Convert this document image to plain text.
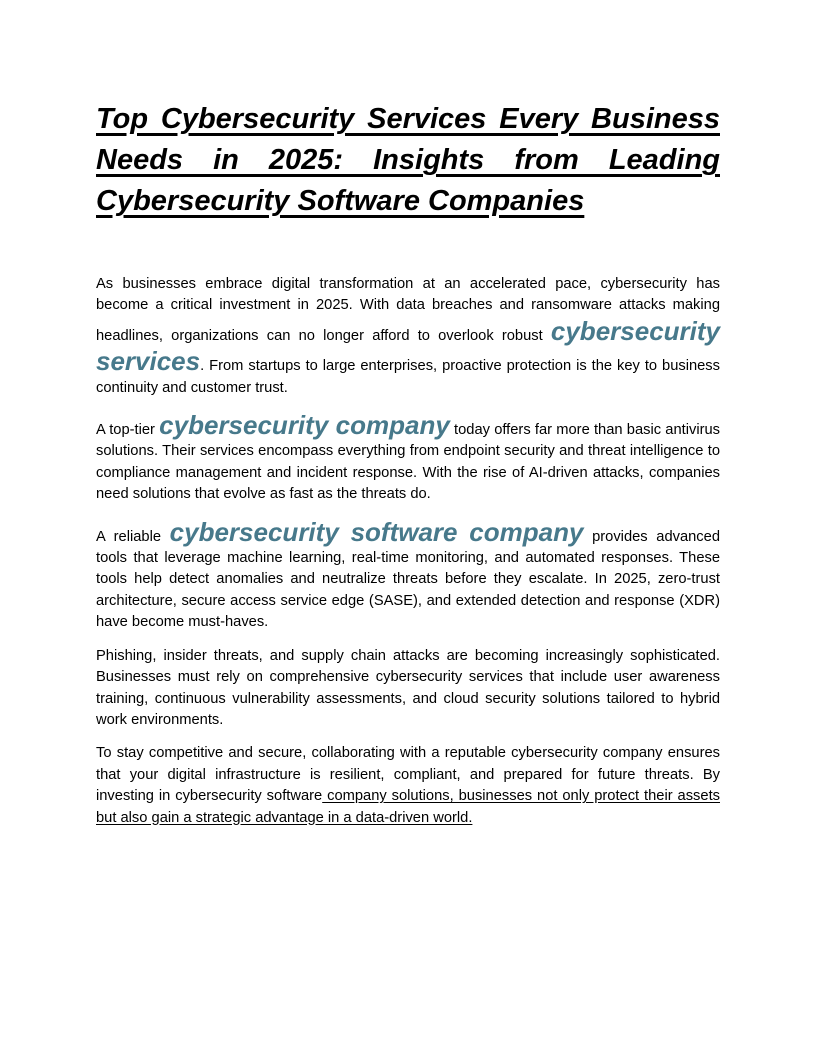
Top Cybersecurity Services Every Business
Needs in 2025: Insights from Leading
Cybersecurity Software Companies

As businesses embrace digital transformation at an accelerated pace, cybersecurity has become a critical investment in 2025. With data breaches and ransomware attacks making headlines, organizations can no longer afford to overlook robust cybersecurity services. From startups to large enterprises, proactive protection is the key to business continuity and customer trust.

A top-tier cybersecurity company today offers far more than basic antivirus solutions. Their services encompass everything from endpoint security and threat intelligence to compliance management and incident response. With the rise of AI-driven attacks, companies need solutions that evolve as fast as the threats do.

A reliable cybersecurity software company provides advanced tools that leverage machine learning, real-time monitoring, and automated responses. These tools help detect anomalies and neutralize threats before they escalate. In 2025, zero-trust architecture, secure access service edge (SASE), and extended detection and response (XDR) have become must-haves.

Phishing, insider threats, and supply chain attacks are becoming increasingly sophisticated. Businesses must rely on comprehensive cybersecurity services that include user awareness training, continuous vulnerability assessments, and cloud security solutions tailored to hybrid work environments.

To stay competitive and secure, collaborating with a reputable cybersecurity company ensures that your digital infrastructure is resilient, compliant, and prepared for future threats. By investing in cybersecurity software company solutions, businesses not only protect their assets but also gain a strategic advantage in a data-driven world.
